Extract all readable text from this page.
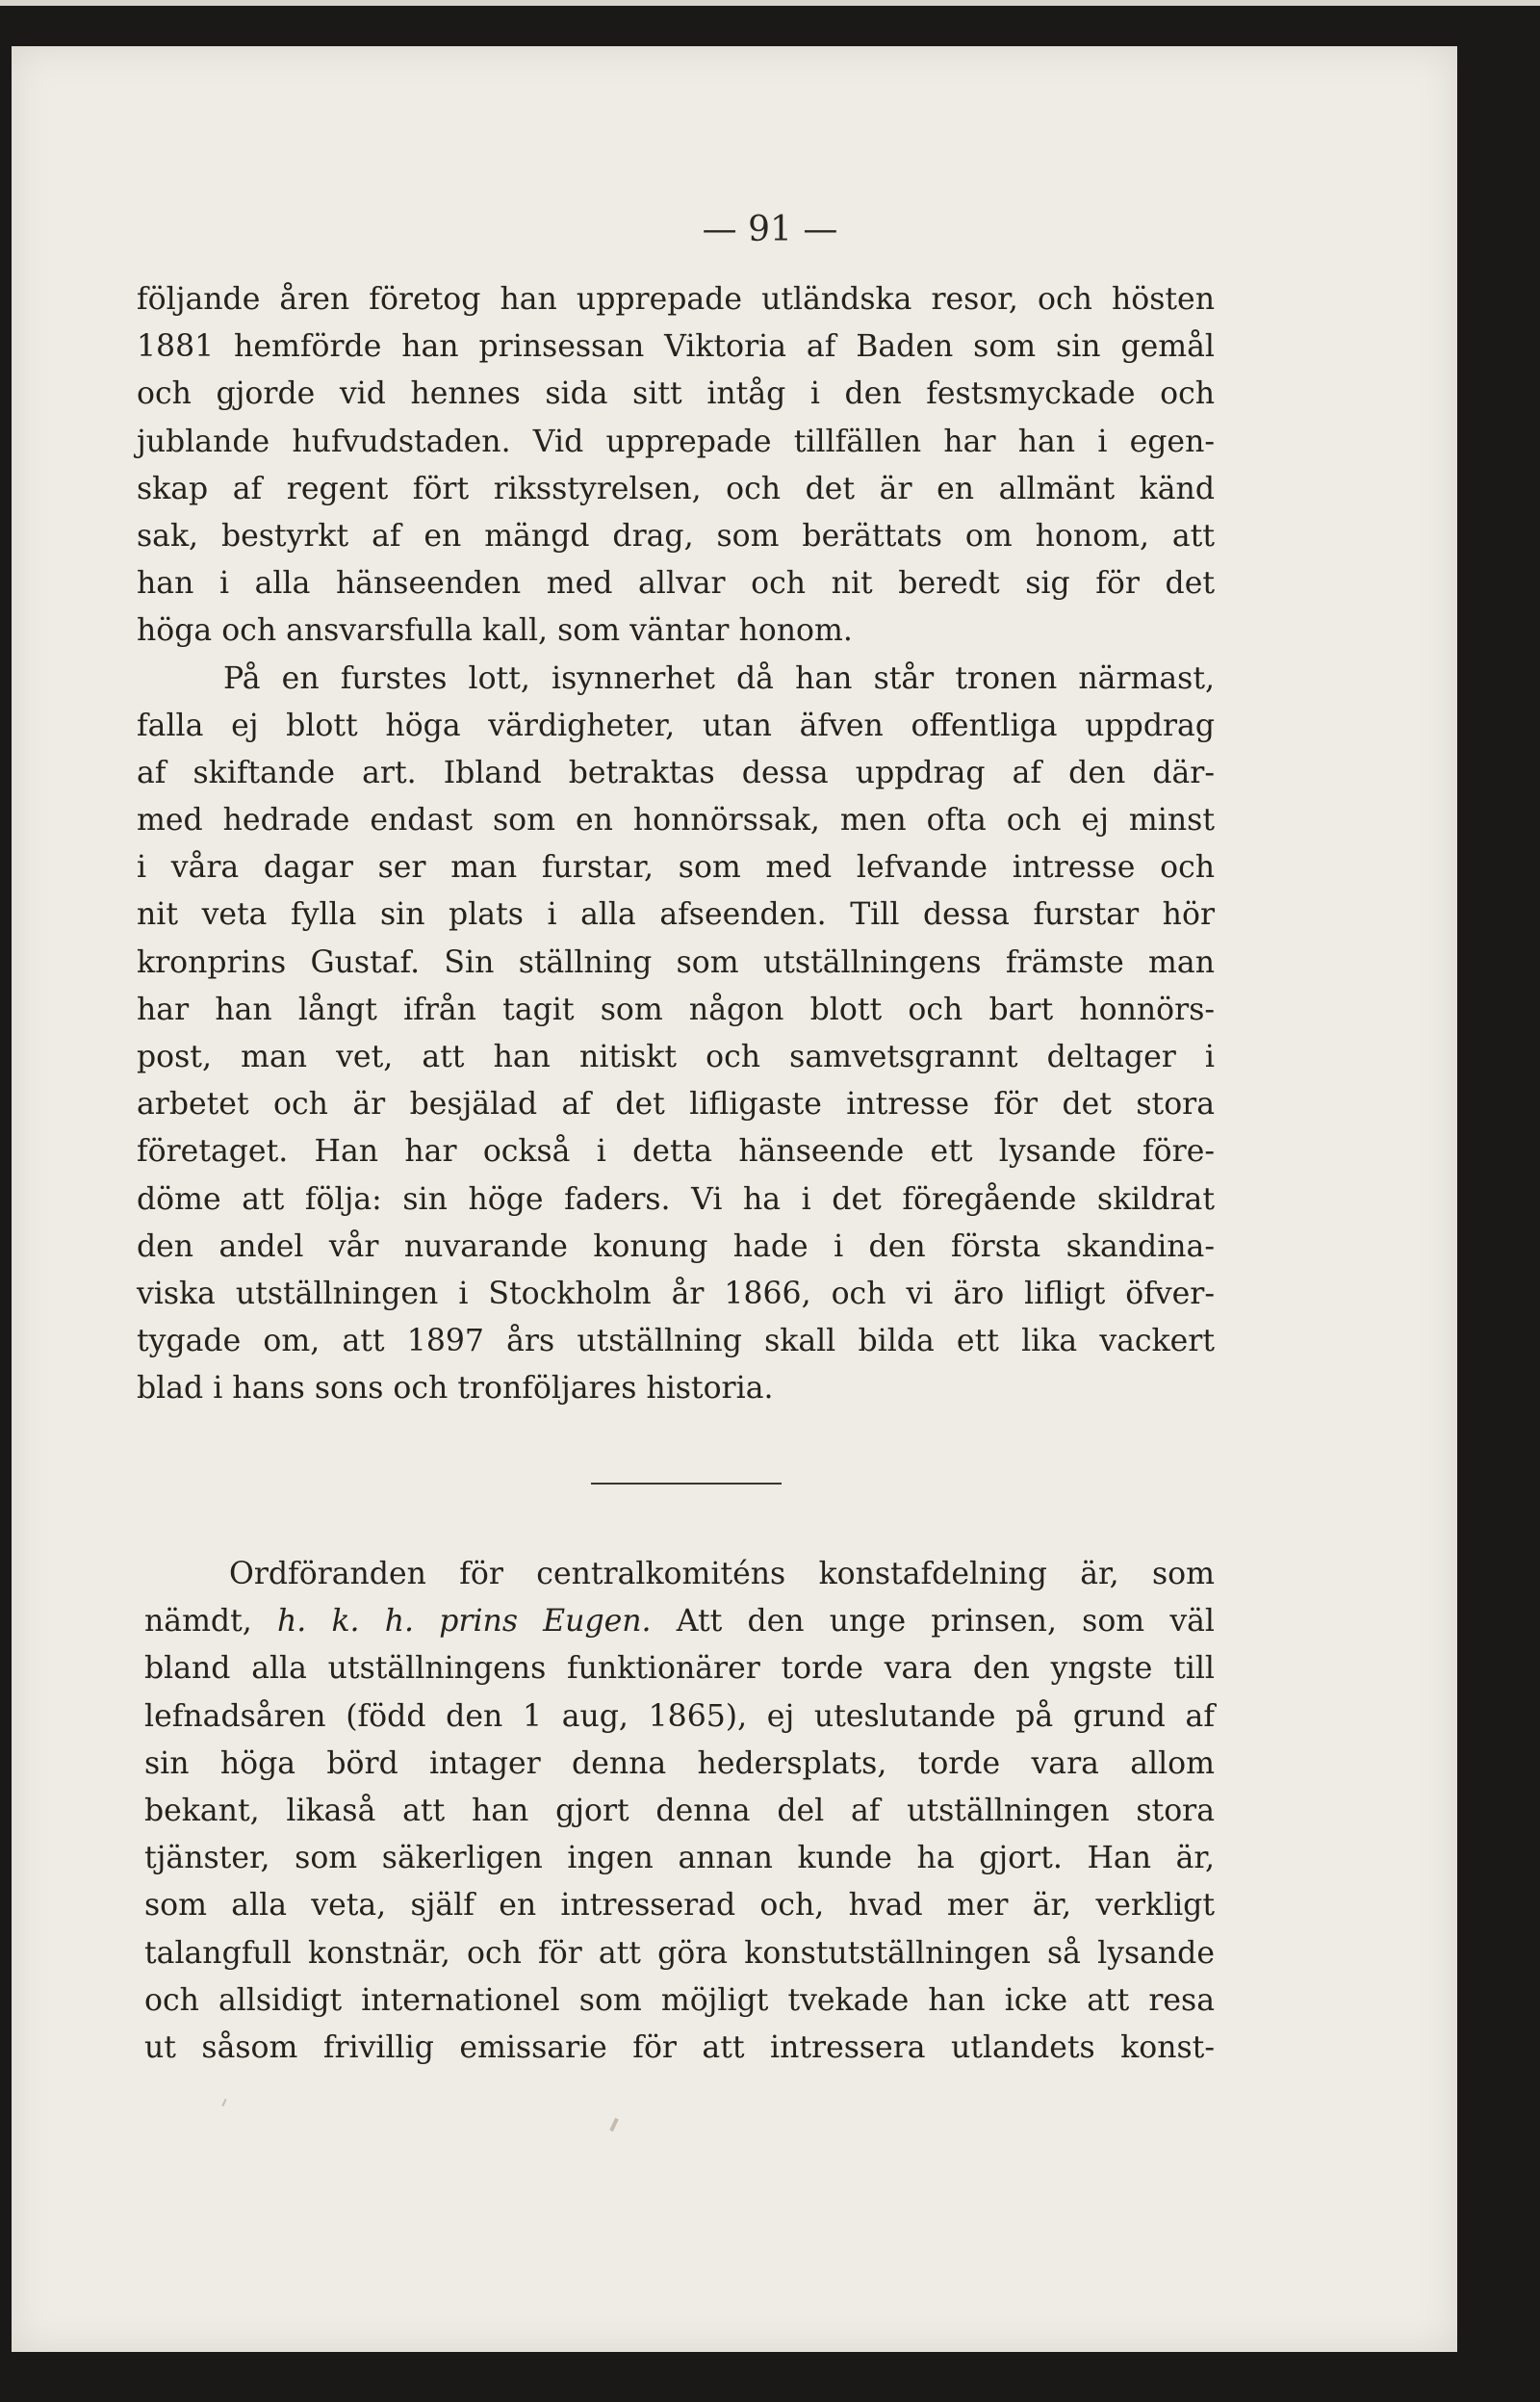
— 91 —
följande åren företog han upprepade utländska resor, och hösten
1881 hemförde han prinsessan Viktoria af Baden som sin gemål
och gjorde vid hennes sida sitt intåg i den festsmyckade och
jublande hufvudstaden. Vid upprepade tillfällen har han i egen-
skap af regent fört riksstyrelsen, och det är en allmänt känd
sak, bestyrkt af en mängd drag, som berättats om honom, att
han i alla hänseenden med allvar och nit beredt sig för det
höga och ansvarsfulla kall, som väntar honom.
På en furstes lott, isynnerhet då han står tronen närmast,
falla ej blott höga värdigheter, utan äfven offentliga uppdrag
af skiftande art. Ibland betraktas dessa uppdrag af den där-
med hedrade endast som en honnörssak, men ofta och ej minst
i våra dagar ser man furstar, som med lefvande intresse och
nit veta fylla sin plats i alla afseenden. Till dessa furstar hör
kronprins Gustaf. Sin ställning som utställningens främste man
har han långt ifrån tagit som någon blott och bart honnörs-
post, man vet, att han nitiskt och samvetsgrannt deltager i
arbetet och är besjälad af det lifligaste intresse för det stora
företaget. Han har också i detta hänseende ett lysande före-
döme att följa: sin höge faders. Vi ha i det föregående skildrat
den andel vår nuvarande konung hade i den första skandina-
viska utställningen i Stockholm år 1866, och vi äro lifligt öfver-
tygade om, att 1897 års utställning skall bilda ett lika vackert
blad i hans sons och tronföljares historia.
Ordföranden för centralkomiténs konstafdelning är, som
nämdt, h. k. h. prins Eugen. Att den unge prinsen, som väl
bland alla utställningens funktionärer torde vara den yngste till
lefnadsåren (född den 1 aug, 1865), ej uteslutande på grund af
sin höga börd intager denna hedersplats, torde vara allom
bekant, likaså att han gjort denna del af utställningen stora
tjänster, som säkerligen ingen annan kunde ha gjort. Han är,
som alla veta, själf en intresserad och, hvad mer är, verkligt
talangfull konstnär, och för att göra konstutställningen så lysande
och allsidigt internationel som möjligt tvekade han icke att resa
ut såsom frivillig emissarie för att intressera utlandets konst-
